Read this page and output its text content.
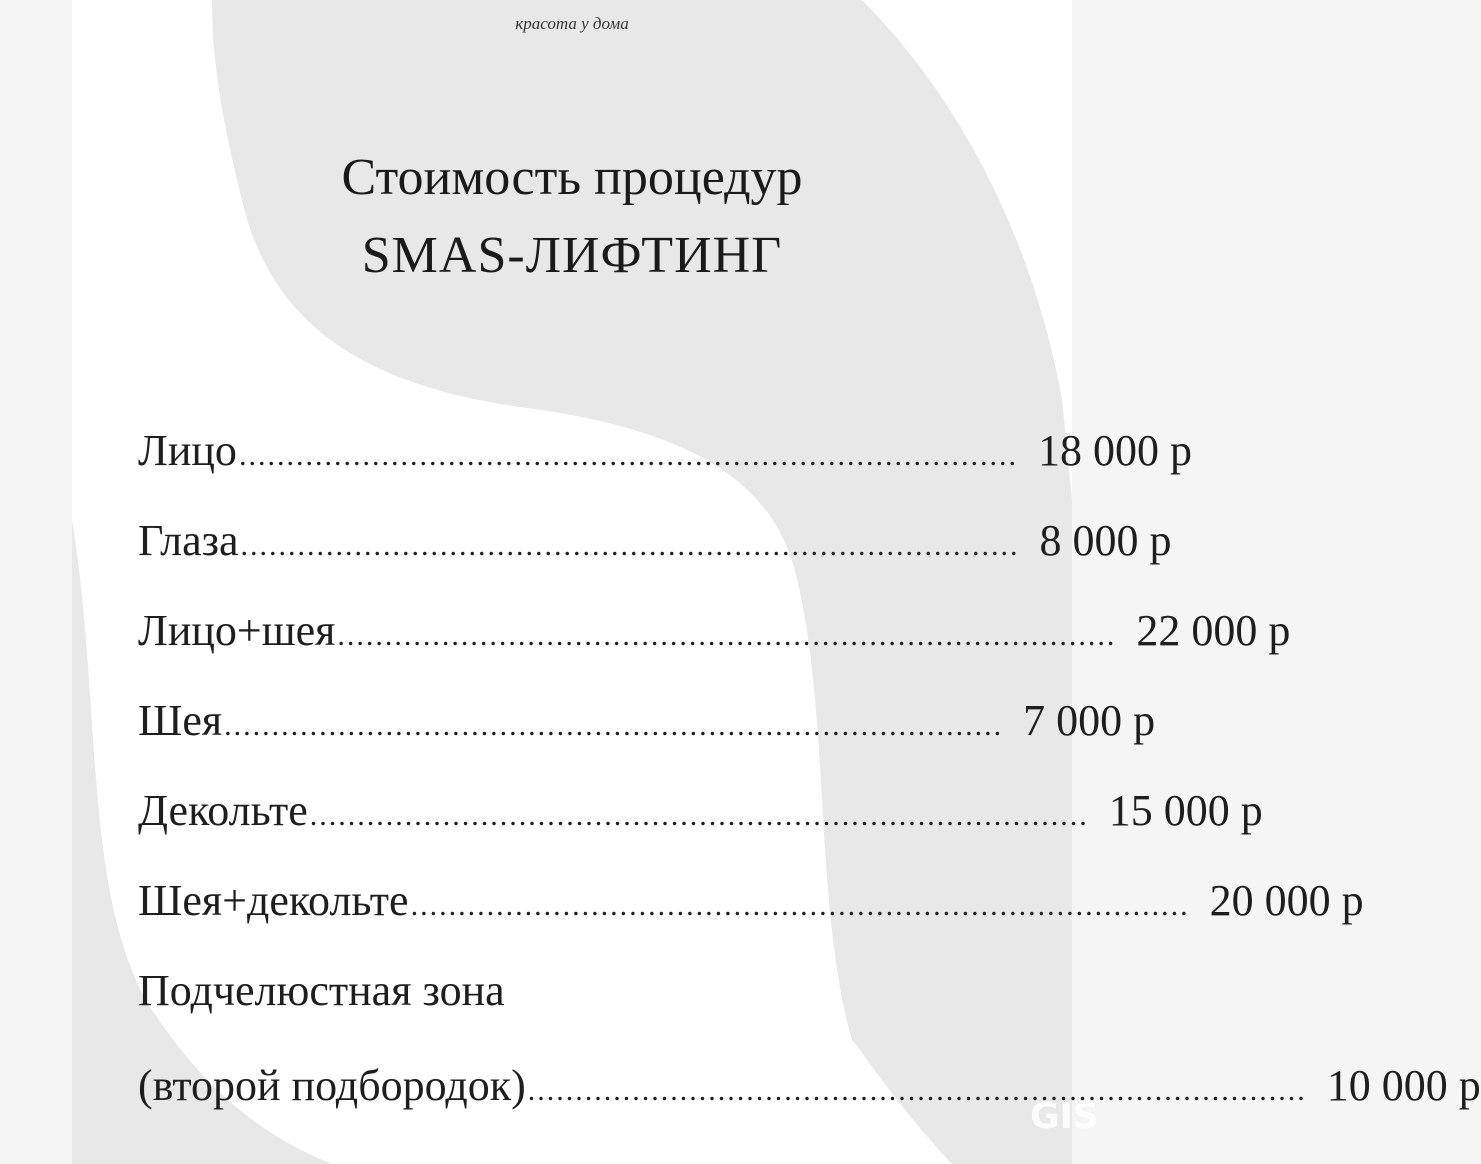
красота у дома
Стоимость процедур
SMAS-ЛИФТИНГ
Лицо .................................................................................. 18 000 р
Глаза .................................................................................. 8 000 р
Лицо+шея .................................................................................. 22 000 р
Шея .................................................................................. 7 000 р
Декольте .................................................................................. 15 000 р
Шея+декольте .................................................................................. 20 000 р
Подчелюстная зона
(второй подбородок) .................................................................................. 10 000 р
GIS
